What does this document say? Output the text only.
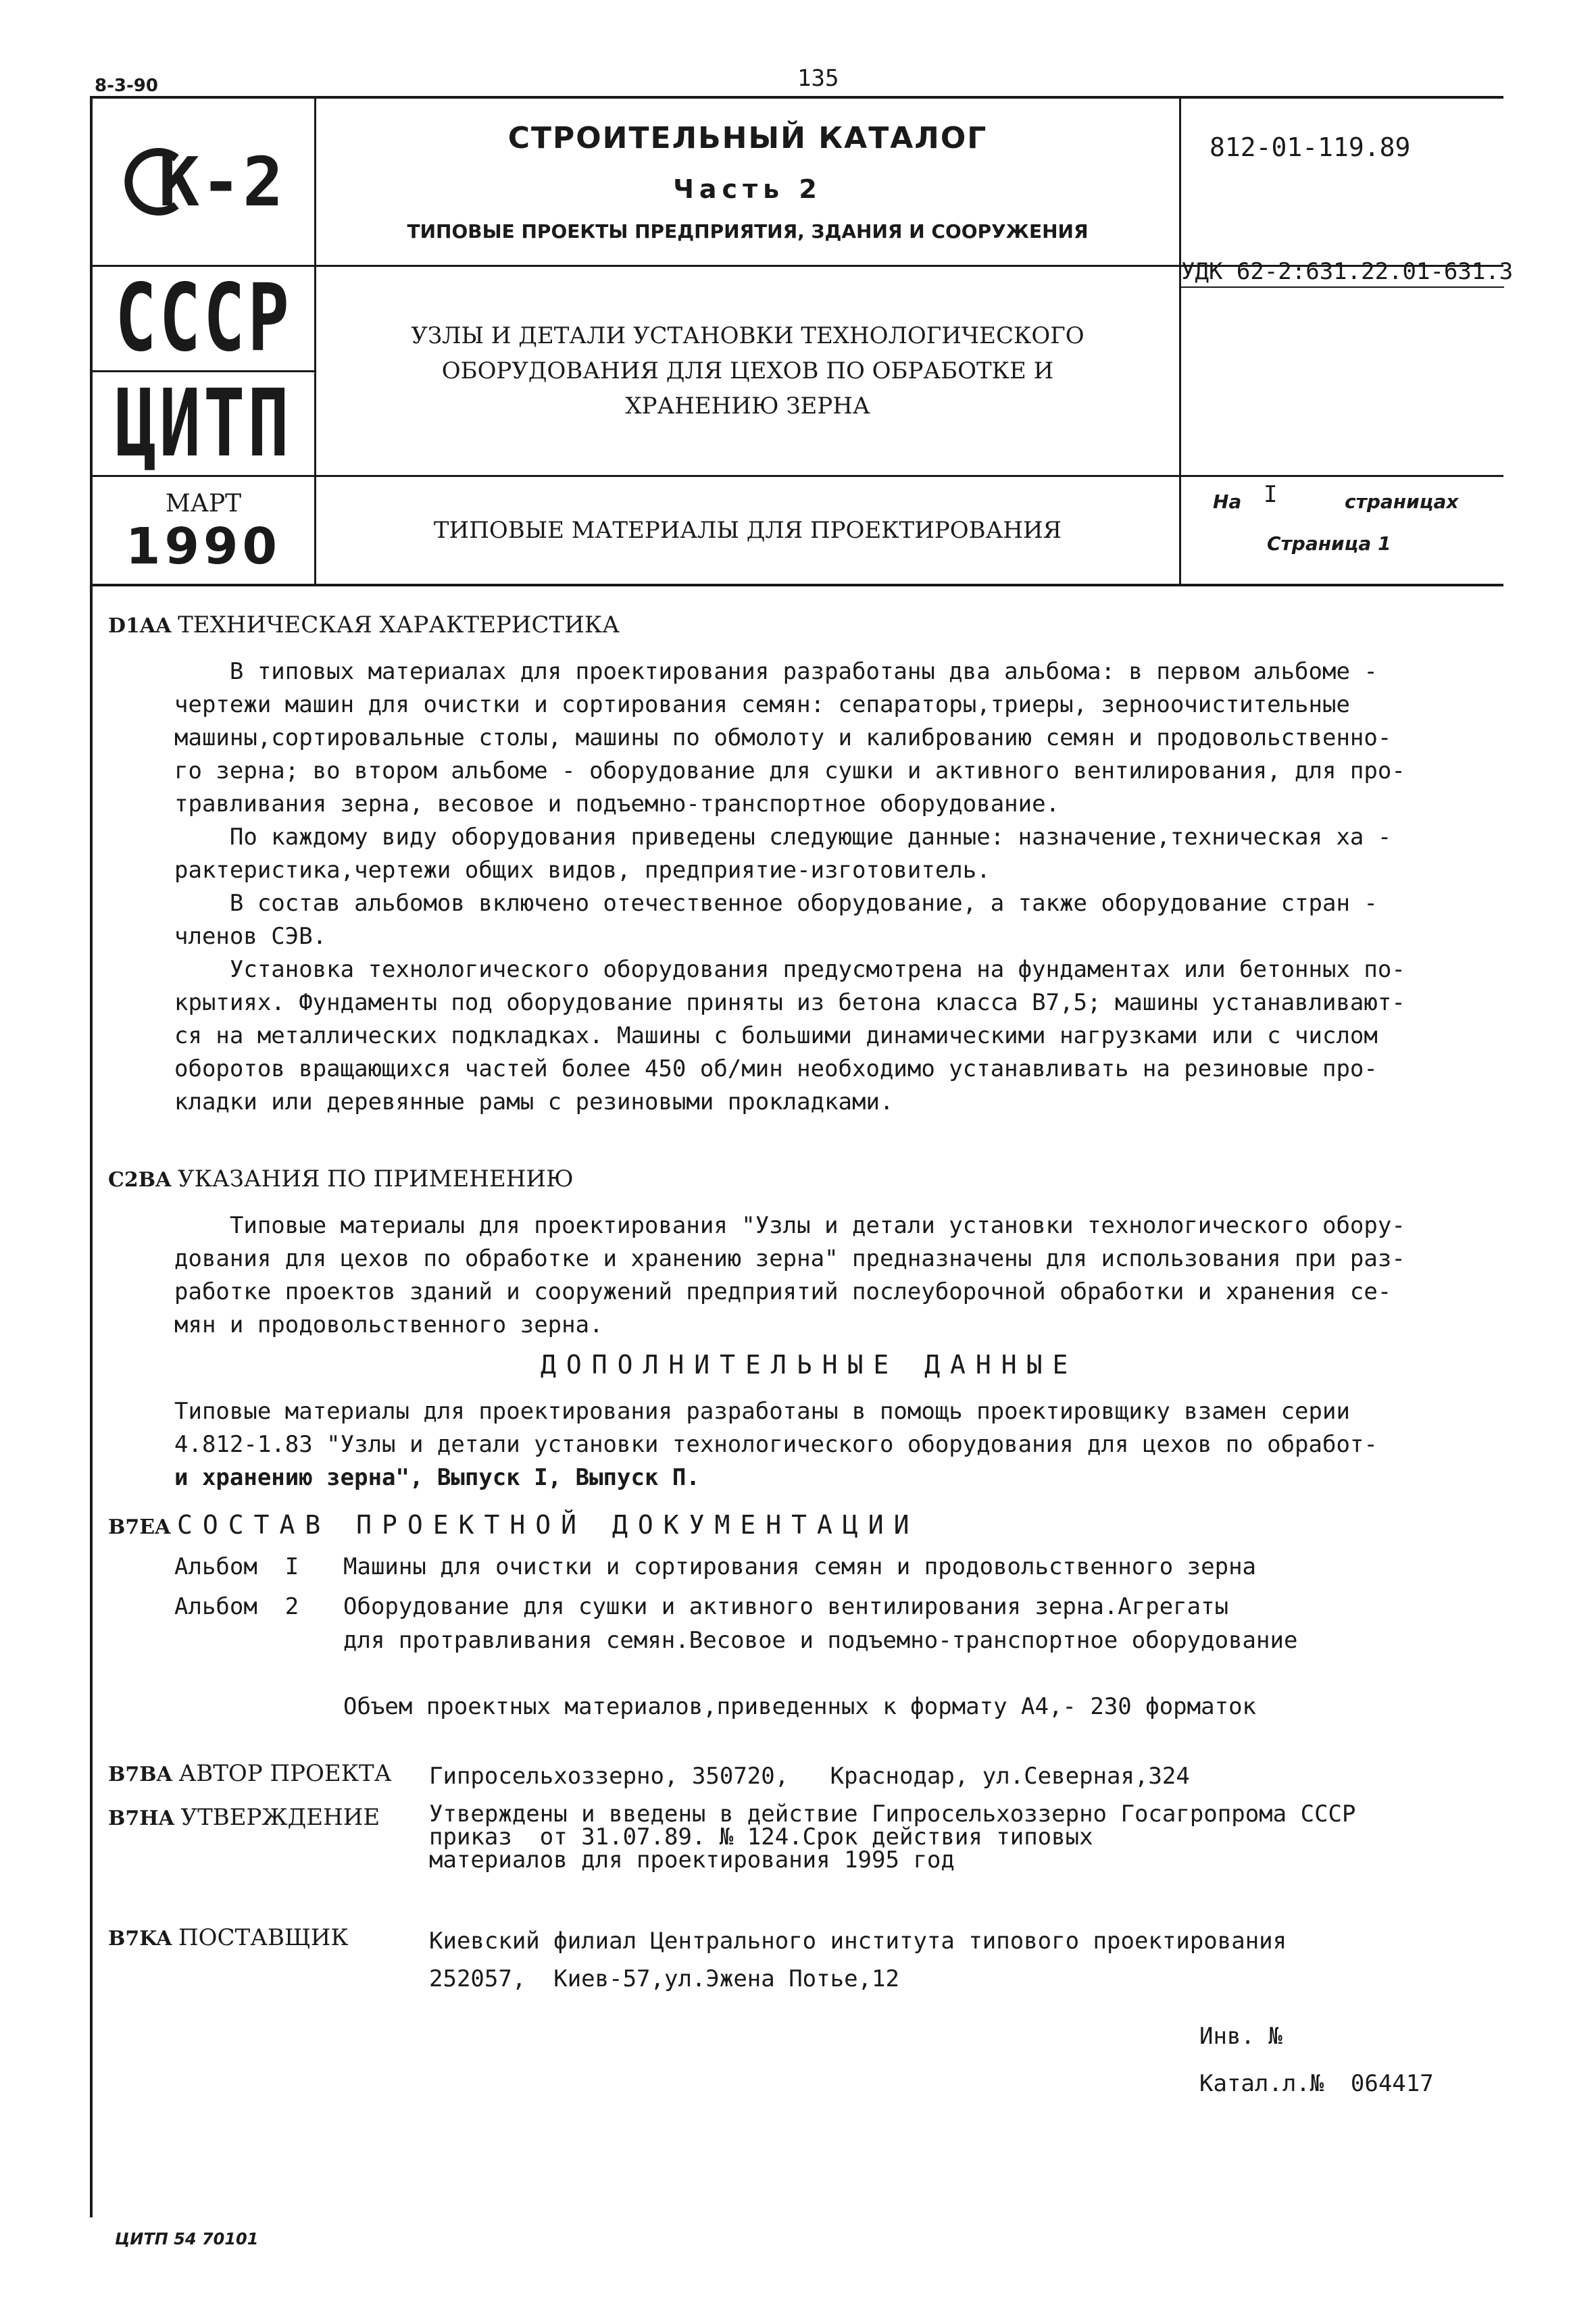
8-3-90	135
К-2
СССР
ЦИТП
МАРТ
1990
СТРОИТЕЛЬНЫЙ КАТАЛОГ
Часть 2
ТИПОВЫЕ ПРОЕКТЫ ПРЕДПРИЯТИЯ, ЗДАНИЯ И СООРУЖЕНИЯ
812-01-119.89
УДК 62-2:631.22.01-631.3
УЗЛЫ И ДЕТАЛИ УСТАНОВКИ ТЕХНОЛОГИЧЕСКОГО
ОБОРУДОВАНИЯ ДЛЯ ЦЕХОВ ПО ОБРАБОТКЕ И
ХРАНЕНИЮ ЗЕРНА
ТИПОВЫЕ МАТЕРИАЛЫ ДЛЯ ПРОЕКТИРОВАНИЯ
На I	страницах
Страница 1
D1AA ТЕХНИЧЕСКАЯ ХАРАКТЕРИСТИКА
В типовых материалах для проектирования разработаны два альбома: в первом альбоме -
чертежи машин для очистки и сортирования семян: сепараторы,триеры, зерноочистительные
машины,сортировальные столы, машины по обмолоту и калиброванию семян и продовольственно-
го зерна; во втором альбоме - оборудование для сушки и активного вентилирования, для про-
травливания зерна, весовое и подъемно-транспортное оборудование.
По каждому виду оборудования приведены следующие данные: назначение,техническая ха -
рактеристика,чертежи общих видов, предприятие-изготовитель.
В состав альбомов включено отечественное оборудование, а также оборудование стран -
членов СЭВ.
Установка технологического оборудования предусмотрена на фундаментах или бетонных по-
крытиях. Фундаменты под оборудование приняты из бетона класса В7,5; машины устанавливают-
ся на металлических подкладках. Машины с большими динамическими нагрузками или с числом
оборотов вращающихся частей более 450 об/мин необходимо устанавливать на резиновые про-
кладки или деревянные рамы с резиновыми прокладками.
C2BA УКАЗАНИЯ ПО ПРИМЕНЕНИЮ
Типовые материалы для проектирования "Узлы и детали установки технологического обору-
дования для цехов по обработке и хранению зерна" предназначены для использования при раз-
работке проектов зданий и сооружений предприятий послеуборочной обработки и хранения се-
мян и продовольственного зерна.
ДОПОЛНИТЕЛЬНЫЕ ДАННЫЕ
Типовые материалы для проектирования разработаны в помощь проектировщику взамен серии
4.812-1.83 "Узлы и детали установки технологического оборудования для цехов по обработ-
и хранению зерна", Выпуск I, Выпуск П.
B7EA СОСТАВ ПРОЕКТНОЙ ДОКУМЕНТАЦИИ
Альбом  I Машины для очистки и сортирования семян и продовольственного зерна
Альбом  2 Оборудование для сушки и активного вентилирования зерна.Агрегаты
для протравливания семян.Весовое и подъемно-транспортное оборудование
Объем проектных материалов,приведенных к формату А4,- 230 форматок
B7BA АВТОР ПРОЕКТА Гипросельхоззерно, 350720,   Краснодар, ул.Северная,324
B7HA УТВЕРЖДЕНИЕ Утверждены и введены в действие Гипросельхоззерно Госагропрома СССР
приказ  от 31.07.89. № 124.Срок действия типовых
материалов для проектирования 1995 год
B7KA ПОСТАВЩИК	Киевский филиал Центрального института типового проектирования
252057,  Киев-57,ул.Эжена Потье,12
Инв. №
Катал.л.№ 064417
ЦИТП 54 70101
